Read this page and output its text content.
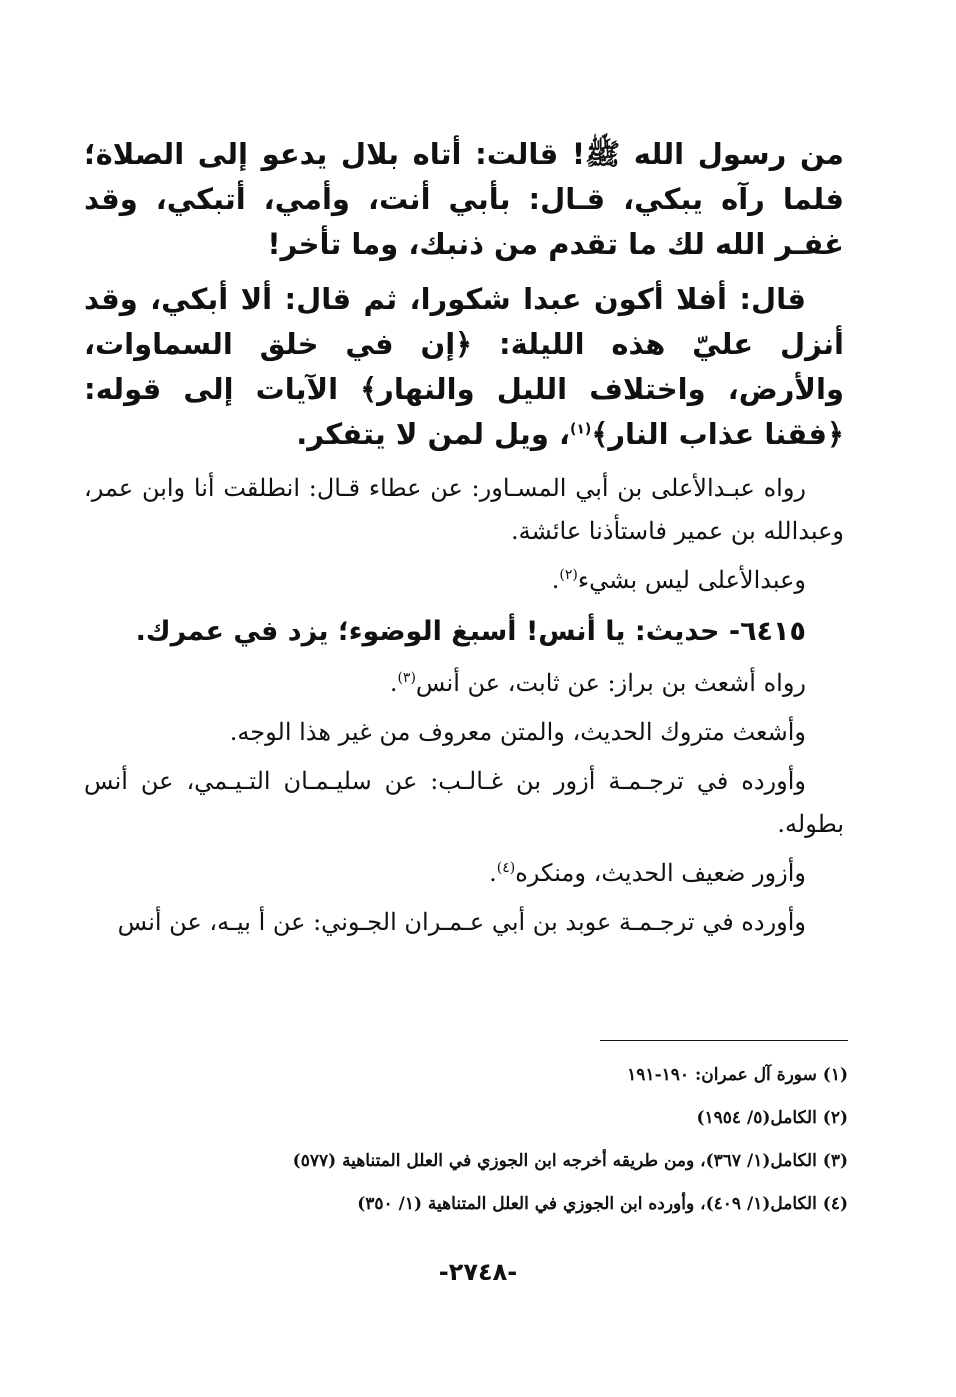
من رسول الله ﷺ! قالت: أتاه بلال يدعو إلى الصلاة؛ فلما رآه يبكي، قـال: بأبي أنت، وأمي، أتبكي، وقد غفـر الله لك ما تقدم من ذنبك، وما تأخر!

قال: أفلا أكون عبدا شكورا، ثم قال: ألا أبكي، وقد أنزل عليّ هذه الليلة: ﴿إن في خلق السماوات، والأرض، واختلاف الليل والنهار﴾ الآيات إلى قوله: ﴿فقنا عذاب النار﴾$^{(١)}$، ويل لمن لا يتفكر.

رواه عبـدالأعلى بن أبي المسـاور: عن عطاء قـال: انطلقت أنا وابن عمر، وعبدالله بن عمير فاستأذنا عائشة.

وعبدالأعلى ليس بشيء$^{(٢)}$.

٦٤١٥- حديث: يا أنس! أسبغ الوضوء؛ يزد في عمرك.

رواه أشعث بن براز: عن ثابت، عن أنس$^{(٣)}$.

وأشعث متروك الحديث، والمتن معروف من غير هذا الوجه.

وأورده في ترجـمـة أزور بن غـالـب: عن سليـمـان التـيـمي، عن أنس بطوله.

وأزور ضعيف الحديث، ومنكره$^{(٤)}$.

وأورده في ترجـمـة عوبد بن أبي عـمـران الجـوني: عن أ بيـه، عن أنس

(١) سورة آل عمران: ١٩٠-١٩١

(٢) الكامل(٥/ ١٩٥٤)

(٣) الكامل(١/ ٣٦٧)، ومن طريقه أخرجه ابن الجوزي في العلل المتناهية (٥٧٧)

(٤) الكامل(١/ ٤٠٩)، وأورده ابن الجوزي في العلل المتناهية (١/ ٣٥٠)

-٢٧٤٨-
